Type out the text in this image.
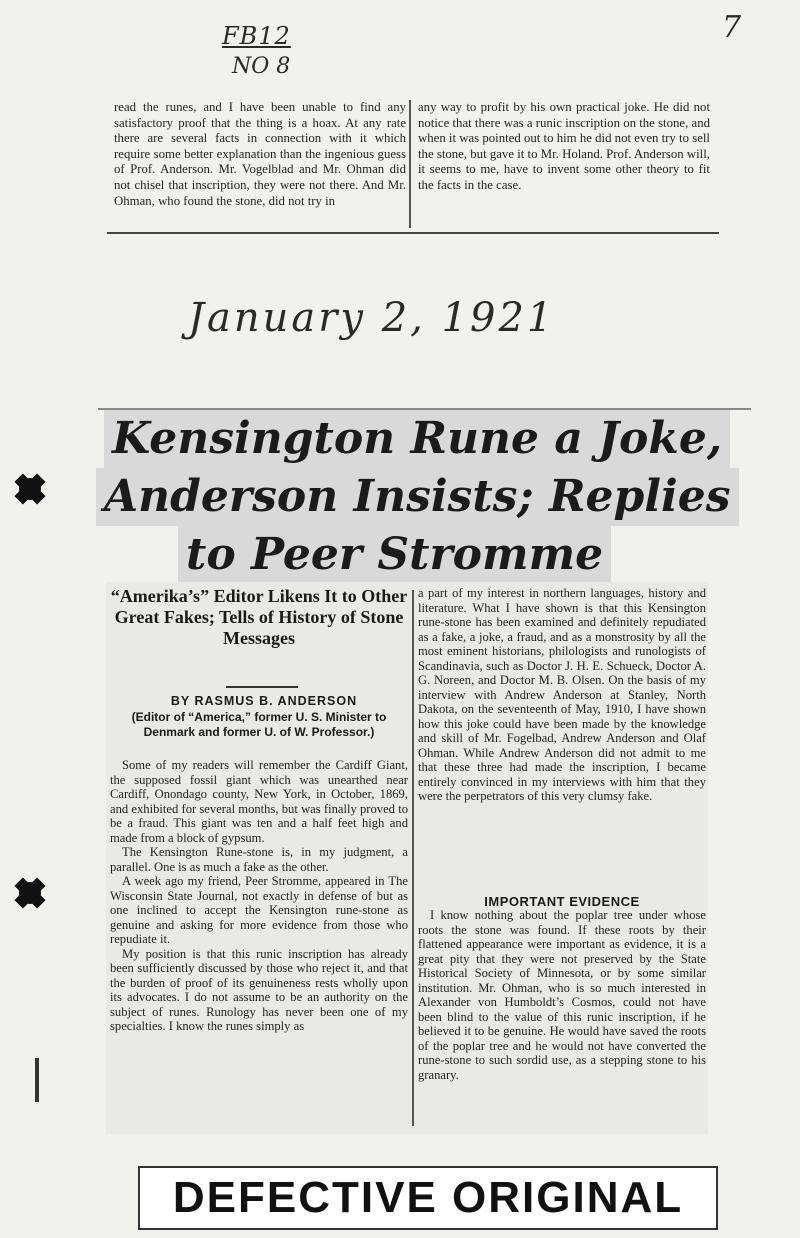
FB12
NO 8
7
January 2, 1921

read the runes, and I have been unable to find any satisfactory proof that the thing is a hoax. At any rate there are several facts in connection with it which require some better explanation than the ingenious guess of Prof. Anderson. Mr. Vogelblad and Mr. Ohman did not chisel that inscription, they were not there. And Mr. Ohman, who found the stone, did not try in

any way to profit by his own practical joke. He did not notice that there was a runic inscription on the stone, and when it was pointed out to him he did not even try to sell the stone, but gave it to Mr. Holand. Prof. Anderson will, it seems to me, have to invent some other theory to fit the facts in the case.

Kensington Rune a Joke,
Anderson Insists; Replies
to Peer Stromme

“Amerika’s” Editor Likens It to Other Great Fakes; Tells of History of Stone Messages

BY RASMUS B. ANDERSON
(Editor of “America,” former U. S. Minister to Denmark and former U. of W. Professor.)

Some of my readers will remember the Cardiff Giant, the supposed fossil giant which was unearthed near Cardiff, Onondago county, New York, in October, 1869, and exhibited for several months, but was finally proved to be a fraud. This giant was ten and a half feet high and made from a block of gypsum.

The Kensington Rune-stone is, in my judgment, a parallel. One is as much a fake as the other.

A week ago my friend, Peer Stromme, appeared in The Wisconsin State Journal, not exactly in defense of but as one inclined to accept the Kensington rune-stone as genuine and asking for more evidence from those who repudiate it.

My position is that this runic inscription has already been sufficiently discussed by those who reject it, and that the burden of proof of its genuineness rests wholly upon its advocates. I do not assume to be an authority on the subject of runes. Runology has never been one of my specialties. I know the runes simply as

a part of my interest in northern languages, history and literature. What I have shown is that this Kensington rune-stone has been examined and definitely repudiated as a fake, a joke, a fraud, and as a monstrosity by all the most eminent historians, philologists and runologists of Scandinavia, such as Doctor J. H. E. Schueck, Doctor A. G. Noreen, and Doctor M. B. Olsen. On the basis of my interview with Andrew Anderson at Stanley, North Dakota, on the seventeenth of May, 1910, I have shown how this joke could have been made by the knowledge and skill of Mr. Fogelbad, Andrew Anderson and Olaf Ohman. While Andrew Anderson did not admit to me that these three had made the inscription, I became entirely convinced in my interviews with him that they were the perpetrators of this very clumsy fake.

IMPORTANT EVIDENCE

I know nothing about the poplar tree under whose roots the stone was found. If these roots by their flattened appearance were important as evidence, it is a great pity that they were not preserved by the State Historical Society of Minnesota, or by some similar institution. Mr. Ohman, who is so much interested in Alexander von Humboldt’s Cosmos, could not have been blind to the value of this runic inscription, if he believed it to be genuine. He would have saved the roots of the poplar tree and he would not have converted the rune-stone to such sordid use, as a stepping stone to his granary.

DEFECTIVE ORIGINAL
